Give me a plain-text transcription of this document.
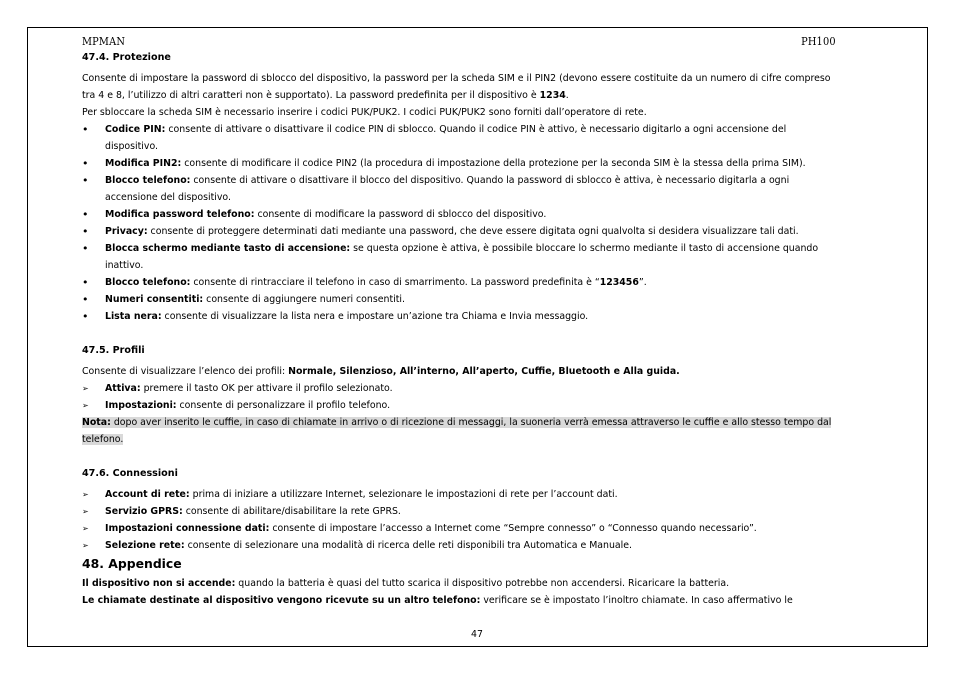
MPMAN	PH100

47.4. Protezione

Consente di impostare la password di sblocco del dispositivo, la password per la scheda SIM e il PIN2 (devono essere costituite da un numero di cifre compreso

tra 4 e 8, l’utilizzo di altri caratteri non è supportato). La password predefinita per il dispositivo è 1234.

Per sbloccare la scheda SIM è necessario inserire i codici PUK/PUK2. I codici PUK/PUK2 sono forniti dall’operatore di rete.

•	Codice PIN: consente di attivare o disattivare il codice PIN di sblocco. Quando il codice PIN è attivo, è necessario digitarlo a ogni accensione del
dispositivo.
•	Modifica PIN2: consente di modificare il codice PIN2 (la procedura di impostazione della protezione per la seconda SIM è la stessa della prima SIM).
•	Blocco telefono: consente di attivare o disattivare il blocco del dispositivo. Quando la password di sblocco è attiva, è necessario digitarla a ogni
accensione del dispositivo.
•	Modifica password telefono: consente di modificare la password di sblocco del dispositivo.
•	Privacy: consente di proteggere determinati dati mediante una password, che deve essere digitata ogni qualvolta si desidera visualizzare tali dati.
•	Blocca schermo mediante tasto di accensione: se questa opzione è attiva, è possibile bloccare lo schermo mediante il tasto di accensione quando
inattivo.
•	Blocco telefono: consente di rintracciare il telefono in caso di smarrimento. La password predefinita è “123456”.
•	Numeri consentiti: consente di aggiungere numeri consentiti.
•	Lista nera: consente di visualizzare la lista nera e impostare un’azione tra Chiama e Invia messaggio.

47.5. Profili

Consente di visualizzare l’elenco dei profili: Normale, Silenzioso, All’interno, All’aperto, Cuffie, Bluetooth e Alla guida.

➢	Attiva: premere il tasto OK per attivare il profilo selezionato.
➢	Impostazioni: consente di personalizzare il profilo telefono.

Nota: dopo aver inserito le cuffie, in caso di chiamate in arrivo o di ricezione di messaggi, la suoneria verrà emessa attraverso le cuffie e allo stesso tempo dal

telefono.

47.6. Connessioni

➢	Account di rete: prima di iniziare a utilizzare Internet, selezionare le impostazioni di rete per l’account dati.
➢	Servizio GPRS: consente di abilitare/disabilitare la rete GPRS.
➢	Impostazioni connessione dati: consente di impostare l’accesso a Internet come “Sempre connesso” o “Connesso quando necessario”.
➢	Selezione rete: consente di selezionare una modalità di ricerca delle reti disponibili tra Automatica e Manuale.

48. Appendice

Il dispositivo non si accende: quando la batteria è quasi del tutto scarica il dispositivo potrebbe non accendersi. Ricaricare la batteria.

Le chiamate destinate al dispositivo vengono ricevute su un altro telefono: verificare se è impostato l’inoltro chiamate. In caso affermativo le

47
